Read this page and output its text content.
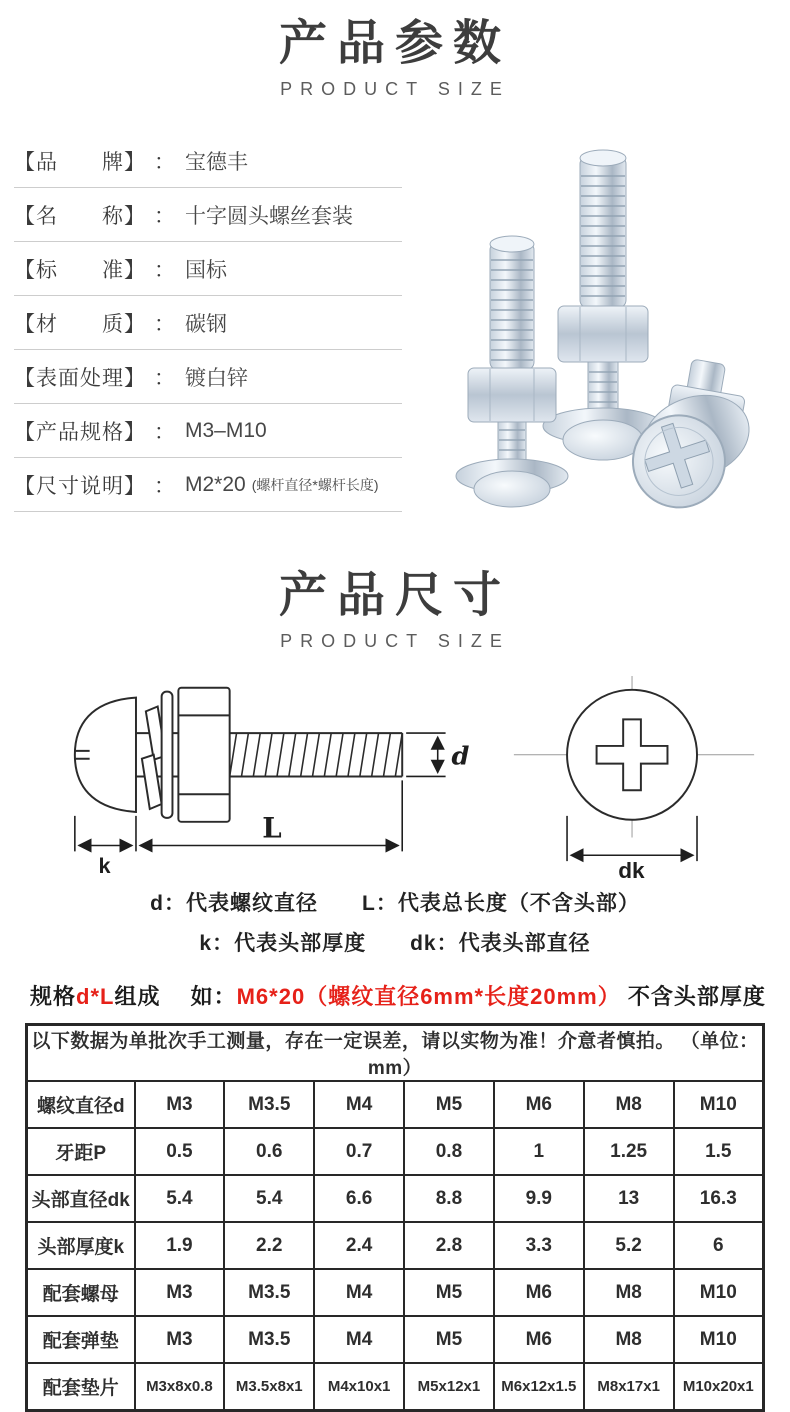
产品参数
PRODUCT SIZE
【品　　牌】 ： 宝德丰
【名　　称】 ： 十字圆头螺丝套装
【标　　准】 ： 国标
【材　　质】 ： 碳钢
【表面处理】 ： 镀白锌
【产品规格】 ： M3–M10
【尺寸说明】 ： M2*20 (螺杆直径*螺杆长度)
产品尺寸
PRODUCT SIZE
d
L
k	dk
d：代表螺纹直径　　L：代表总长度（不含头部）
k：代表头部厚度　　dk：代表头部直径
规格d*L组成　 如：M6*20（螺纹直径6mm*长度20mm） 不含头部厚度
以下数据为单批次手工测量，存在一定误差，请以实物为准！介意者慎拍。 （单位：mm）							
螺纹直径d	M3	M3.5	M4	M5	M6	M8	M10
牙距P	0.5	0.6	0.7	0.8	1	1.25	1.5
头部直径dk	5.4	5.4	6.6	8.8	9.9	13	16.3
头部厚度k	1.9	2.2	2.4	2.8	3.3	5.2	6
配套螺母	M3	M3.5	M4	M5	M6	M8	M10
配套弹垫	M3	M3.5	M4	M5	M6	M8	M10
配套垫片	M3x8x0.8	M3.5x8x1	M4x10x1	M5x12x1	M6x12x1.5	M8x17x1	M10x20x1
